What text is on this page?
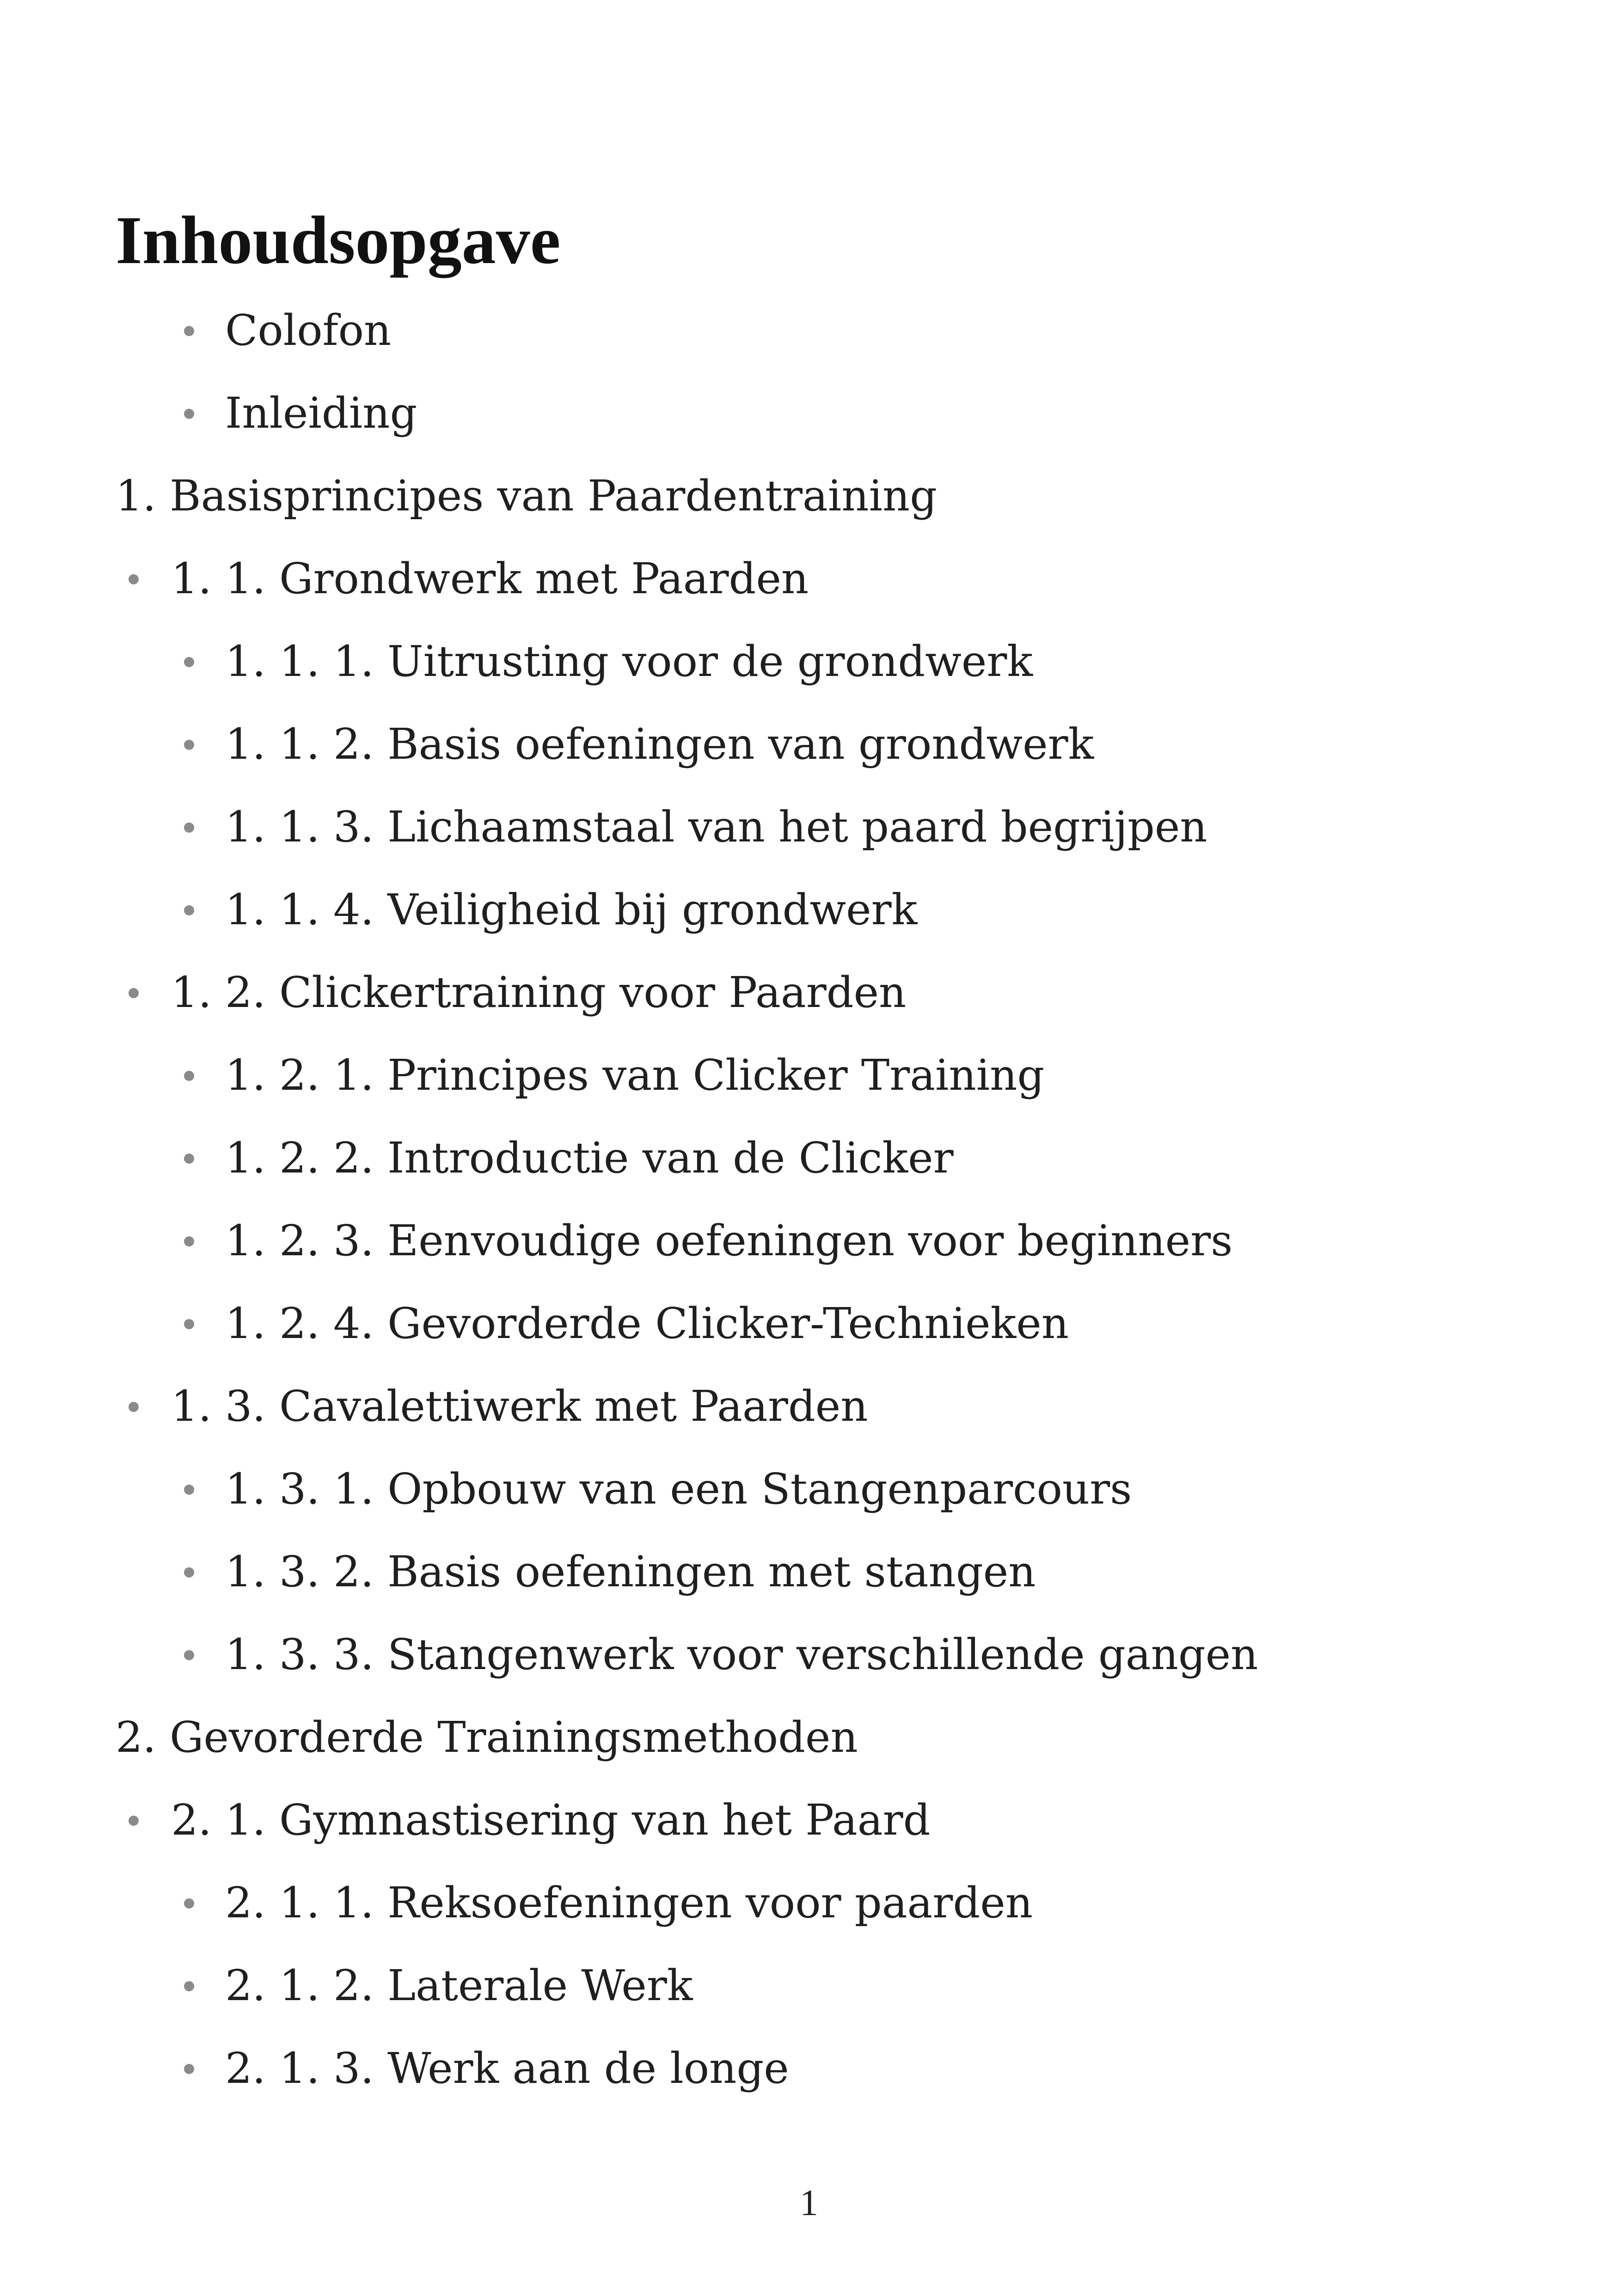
Inhoudsopgave
Colofon
Inleiding
1. Basisprincipes van Paardentraining
1. 1. Grondwerk met Paarden
1. 1. 1. Uitrusting voor de grondwerk
1. 1. 2. Basis oefeningen van grondwerk
1. 1. 3. Lichaamstaal van het paard begrijpen
1. 1. 4. Veiligheid bij grondwerk
1. 2. Clickertraining voor Paarden
1. 2. 1. Principes van Clicker Training
1. 2. 2. Introductie van de Clicker
1. 2. 3. Eenvoudige oefeningen voor beginners
1. 2. 4. Gevorderde Clicker-Technieken
1. 3. Cavalettiwerk met Paarden
1. 3. 1. Opbouw van een Stangenparcours
1. 3. 2. Basis oefeningen met stangen
1. 3. 3. Stangenwerk voor verschillende gangen
2. Gevorderde Trainingsmethoden
2. 1. Gymnastisering van het Paard
2. 1. 1. Reksoefeningen voor paarden
2. 1. 2. Laterale Werk
2. 1. 3. Werk aan de longe
1
